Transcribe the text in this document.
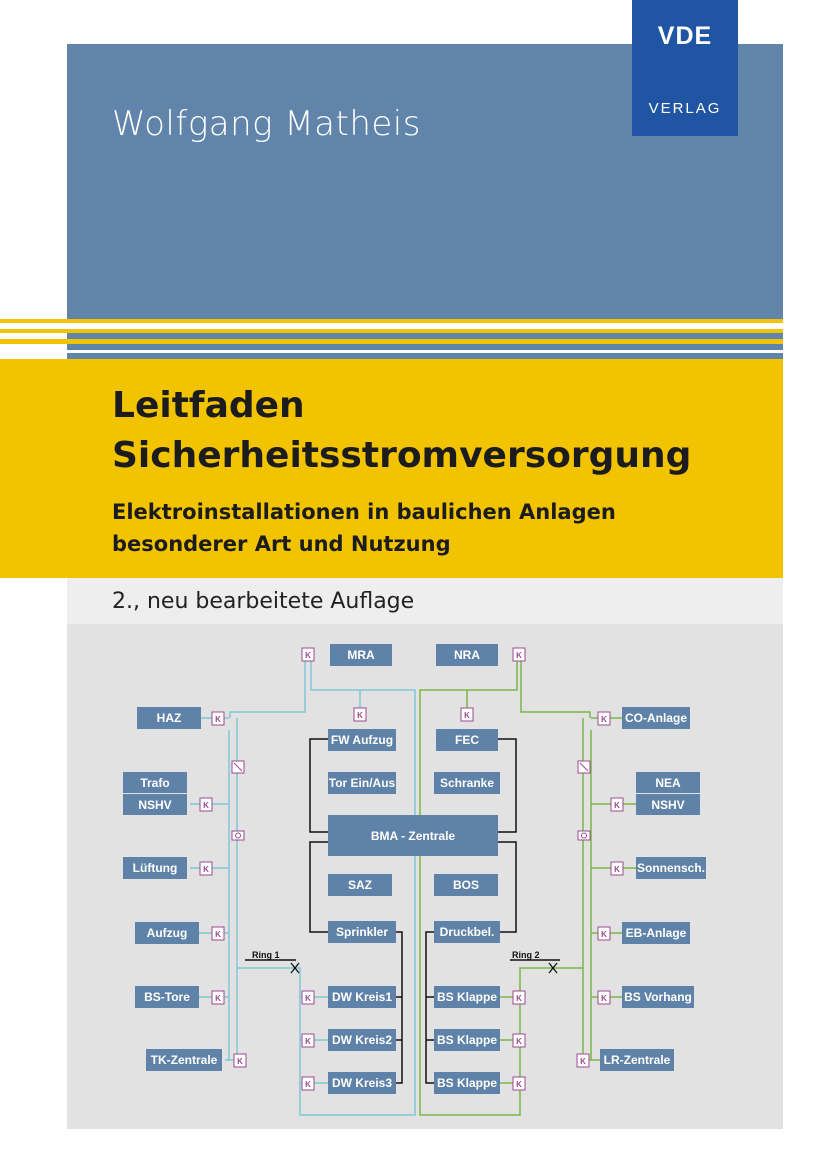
Wolfgang Matheis
VDE
VERLAG
Leitfaden
Sicherheitsstromversorgung
Elektroinstallationen in baulichen Anlagen
besonderer Art und Nutzung
2., neu bearbeitete Auflage
Ring 1	Ring 2
HAZ
Trafo
NSHV
Lüftung
Aufzug
BS-Tore
TK-Zentrale
CO-Anlage
NEA
NSHV
Sonnensch.
EB-Anlage
BS Vorhang
LR-Zentrale
MRA
FW Aufzug
Tor Ein/Aus
SAZ
Sprinkler
DW Kreis1
DW Kreis2
DW Kreis3
NRA
FEC
Schranke
BOS
Druckbel.
BS Klappe
BS Klappe
BS Klappe
BMA - Zentrale
K	K
K	K
K
K
K
K
K
K
K
K
K
K
K
K
K
K
K
K
K
K
